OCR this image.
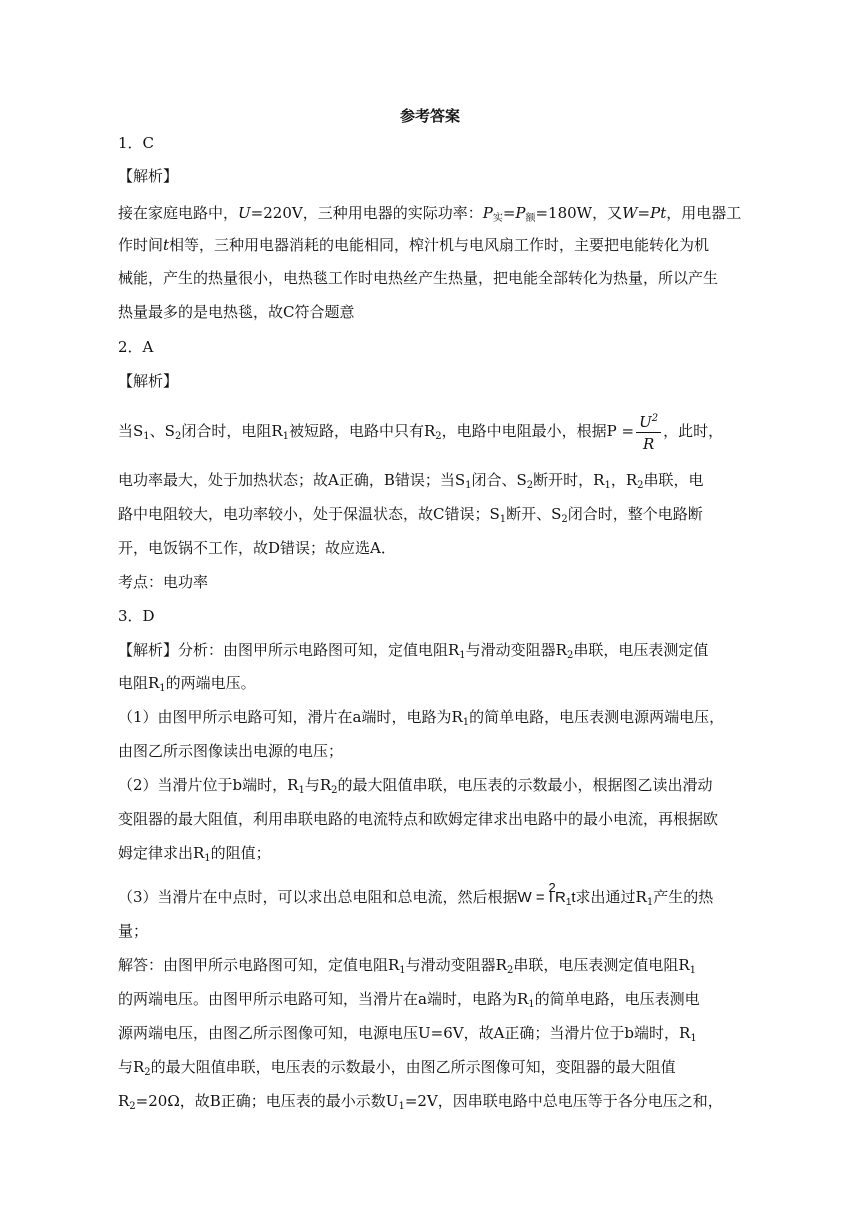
参考答案
1．C
【解析】
接在家庭电路中，U=220V，三种用电器的实际功率：$P_实=P_额=180W$，又W=Pt，用电器工
作时间t相等，三种用电器消耗的电能相同，榨汁机与电风扇工作时，主要把电能转化为机
械能，产生的热量很小，电热毯工作时电热丝产生热量，把电能全部转化为热量，所以产生
热量最多的是电热毯，故C符合题意
2．A
【解析】
当$S_1$、$S_2$闭合时，电阻$R_1$被短路，电路中只有$R_2$，电路中电阻最小，根据$P = \frac{U^2}{R}$ ，此时，
电功率最大，处于加热状态；故A正确，B错误；当$S_1$闭合、$S_2$断开时，$R_1$，$R_2$串联，电
路中电阻较大，电功率较小，处于保温状态，故C错误；$S_1$断开、$S_2$闭合时，整个电路断
开，电饭锅不工作，故D错误；故应选A．
考点：电功率
3．D
【解析】分析：由图甲所示电路图可知，定值电阻$R_1$与滑动变阻器$R_2$串联，电压表测定值
电阻$R_1$的两端电压。
（1）由图甲所示电路可知，滑片在a端时，电路为$R_1$的简单电路，电压表测电源两端电压，
由图乙所示图像读出电源的电压；
（2）当滑片位于b端时，$R_1$与$R_2$的最大阻值串联，电压表的示数最小，根据图乙读出滑动
变阻器的最大阻值，利用串联电路的电流特点和欧姆定律求出电路中的最小电流，再根据欧
姆定律求出$R_1$的阻值；
（3）当滑片在中点时，可以求出总电阻和总电流，然后根据W = I
2
$R_1t$求出通过$R_1$产生的热
量；
解答：由图甲所示电路图可知，定值电阻$R_1$与滑动变阻器$R_2$串联，电压表测定值电阻$R_1$
的两端电压。由图甲所示电路可知，当滑片在a端时，电路为$R_1$的简单电路，电压表测电
源两端电压，由图乙所示图像可知，电源电压U=6V，故A正确；当滑片位于b端时，$R_1$
与$R_2$的最大阻值串联，电压表的示数最小，由图乙所示图像可知，变阻器的最大阻值
$R_2=20\Omega$，故B正确；电压表的最小示数$U_1=2V$，因串联电路中总电压等于各分电压之和，
